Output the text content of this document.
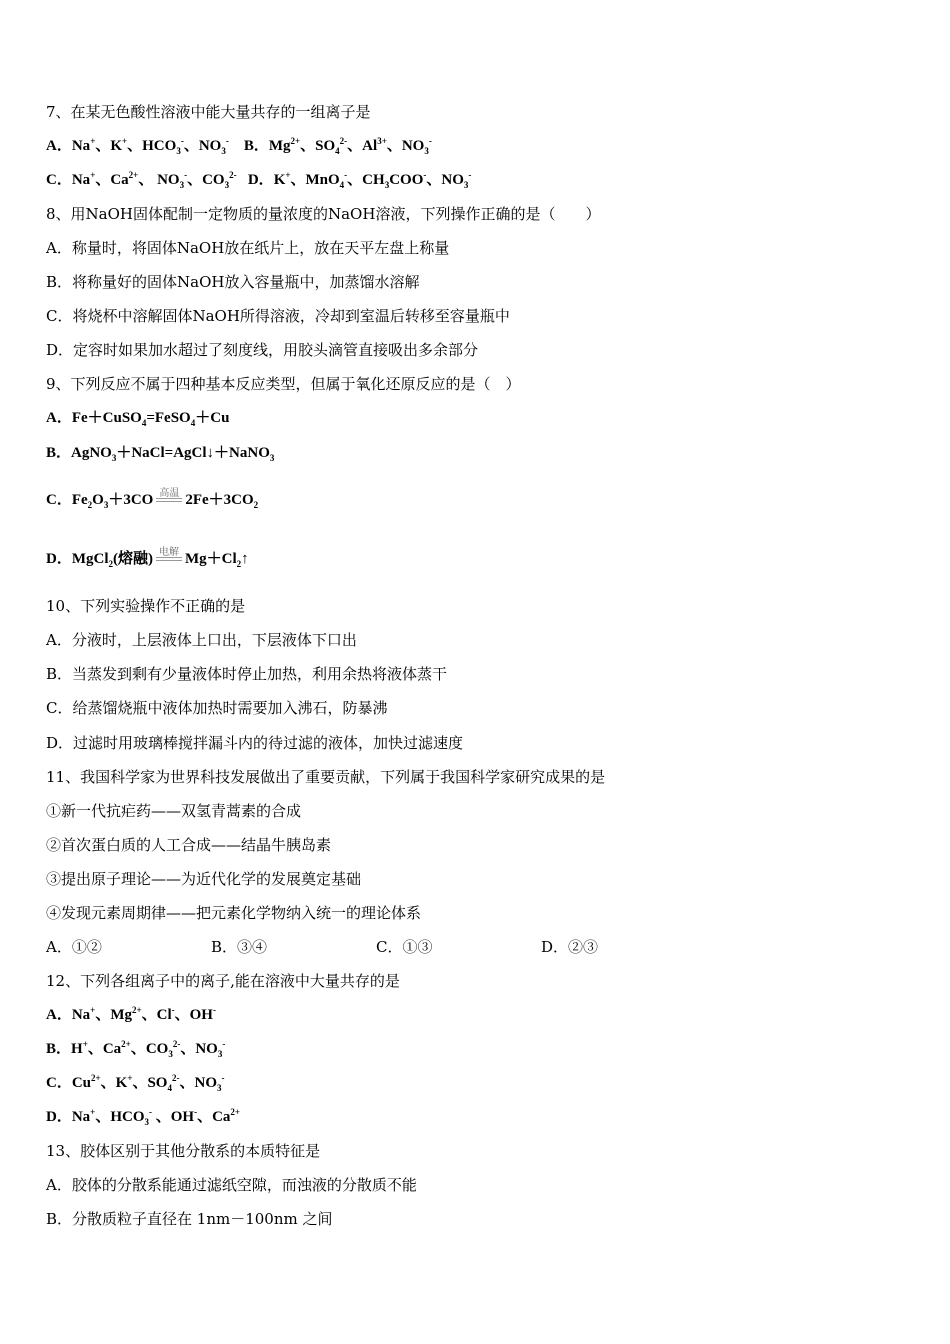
7、在某无色酸性溶液中能大量共存的一组离子是
A．Na+、K+、$HCO_3^-$、$NO_3^-$ B．$Mg^{2+}$、$SO_4^{2-}$、$Al^{3+}$、$NO_3^-$
C．Na+、$Ca^{2+}$、 $NO_3^-$、$CO_3^{2-}$ D．K+、MnO$_4$-、$CH_3COO^-$、$NO_3^-$
8、用NaOH固体配制一定物质的量浓度的NaOH溶液，下列操作正确的是（　　）
A．称量时，将固体NaOH放在纸片上，放在天平左盘上称量
B．将称量好的固体NaOH放入容量瓶中，加蒸馏水溶解
C．将烧杯中溶解固体NaOH所得溶液，冷却到室温后转移至容量瓶中
D．定容时如果加水超过了刻度线，用胶头滴管直接吸出多余部分
9、下列反应不属于四种基本反应类型，但属于氧化还原反应的是（　）
A．Fe＋CuSO$_4$=FeSO$_4$＋Cu
B．AgNO$_3$＋NaCl=AgCl↓＋NaNO$_3$
C．$Fe_2O_3+3CO$ 高温 $2Fe+3CO_2$
D．MgCl$_2$(熔融) 电解 $Mg+Cl_2↑$
10、下列实验操作不正确的是
A．分液时，上层液体上口出，下层液体下口出
B．当蒸发到剩有少量液体时停止加热，利用余热将液体蒸干
C．给蒸馏烧瓶中液体加热时需要加入沸石，防暴沸
D．过滤时用玻璃棒搅拌漏斗内的待过滤的液体，加快过滤速度
11、我国科学家为世界科技发展做出了重要贡献，下列属于我国科学家研究成果的是
①新一代抗疟药——双氢青蒿素的合成
②首次蛋白质的人工合成——结晶牛胰岛素
③提出原子理论——为近代化学的发展奠定基础
④发现元素周期律——把元素化学物纳入统一的理论体系
A．①②	B．③④	C．①③	D．②③
12、下列各组离子中的离子,能在溶液中大量共存的是
A．Na+、$Mg^{2+}$、Cl-、OH-
B．H+、$Ca^{2+}$、$CO_3^{2-}$、$NO_3^-$
C．$Cu^{2+}$、K+、$SO_4^{2-}$、$NO_3^-$
D．Na+、$HCO_3^-$ 、OH-、$Ca^{2+}$
13、胶体区别于其他分散系的本质特征是
A．胶体的分散系能通过滤纸空隙，而浊液的分散质不能
B．分散质粒子直径在 1nm－100nm 之间
